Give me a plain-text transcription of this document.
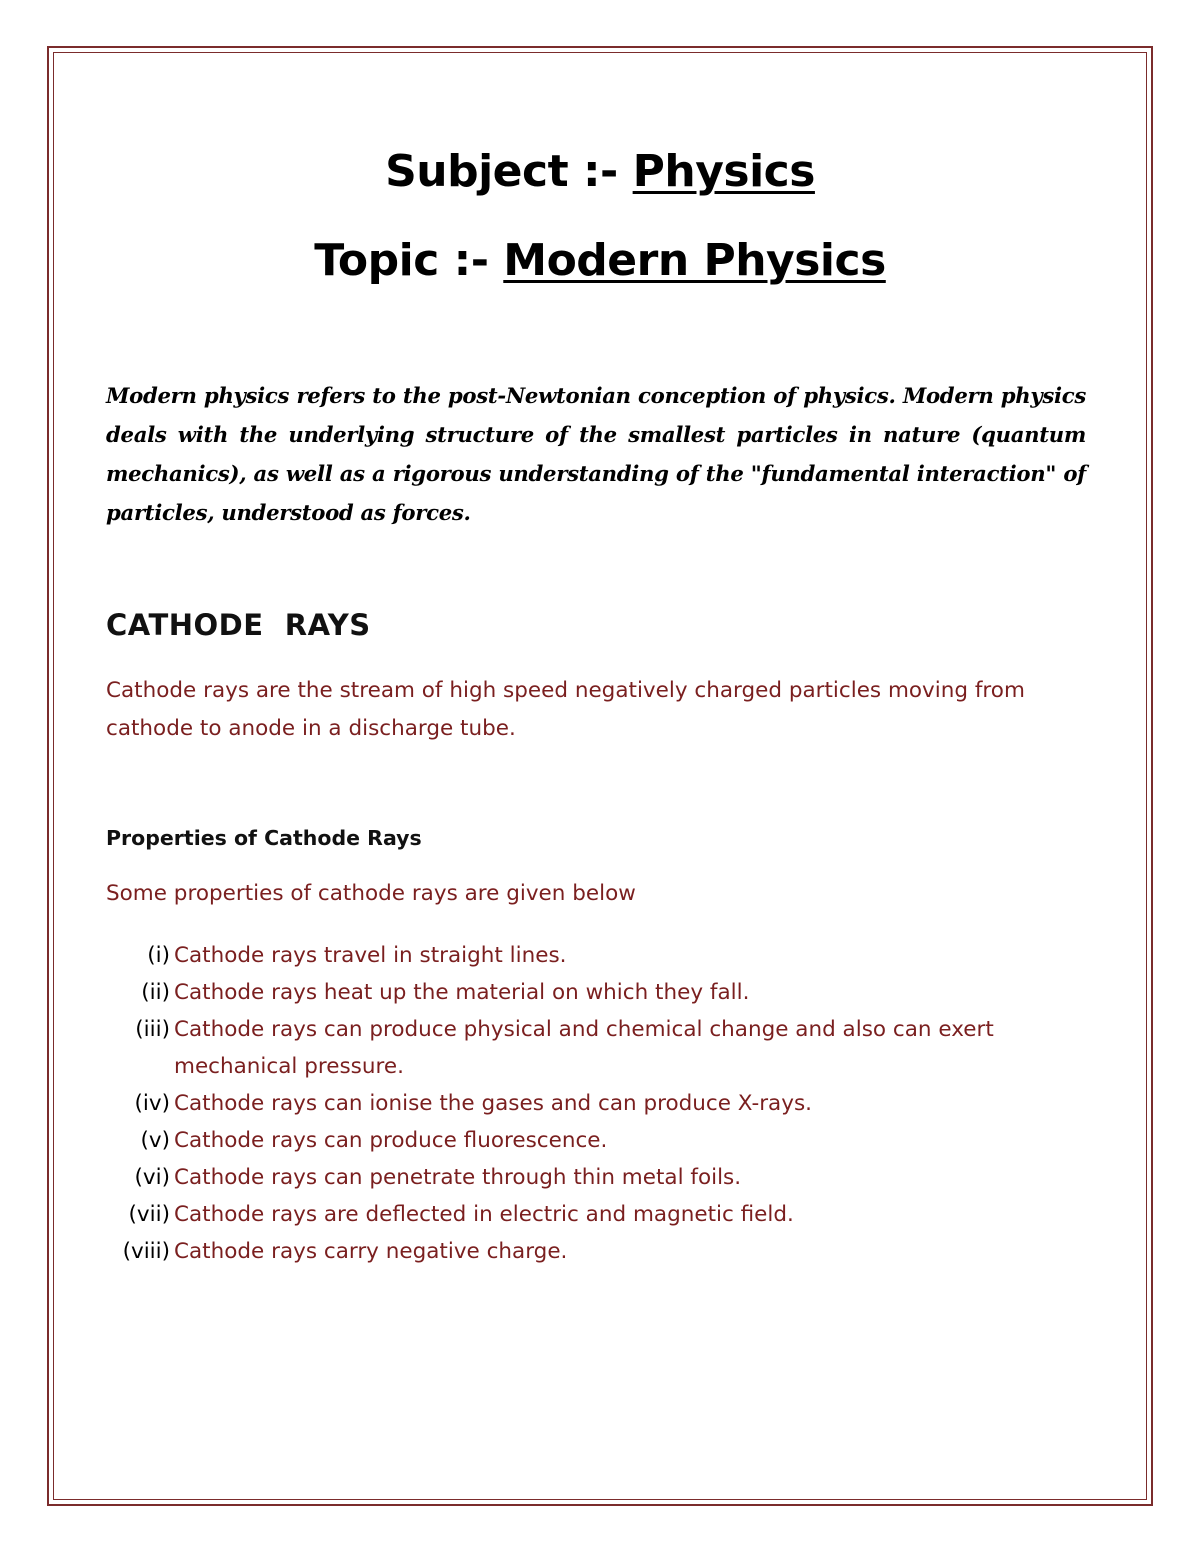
Subject :- Physics
Topic :- Modern Physics

Modern physics refers to the post-Newtonian conception of physics. Modern physics deals with the underlying structure of the smallest particles in nature (quantum mechanics), as well as a rigorous understanding of the "fundamental interaction" of particles, understood as forces.

CATHODE  RAYS

Cathode rays are the stream of high speed negatively charged particles moving from cathode to anode in a discharge tube.

Properties of Cathode Rays
Some properties of cathode rays are given below
(i) Cathode rays travel in straight lines.
(ii) Cathode rays heat up the material on which they fall.
(iii) Cathode rays can produce physical and chemical change and also can exert mechanical pressure.
(iv) Cathode rays can ionise the gases and can produce X-rays.
(v) Cathode rays can produce fluorescence.
(vi) Cathode rays can penetrate through thin metal foils.
(vii) Cathode rays are deflected in electric and magnetic field.
(viii) Cathode rays carry negative charge.
